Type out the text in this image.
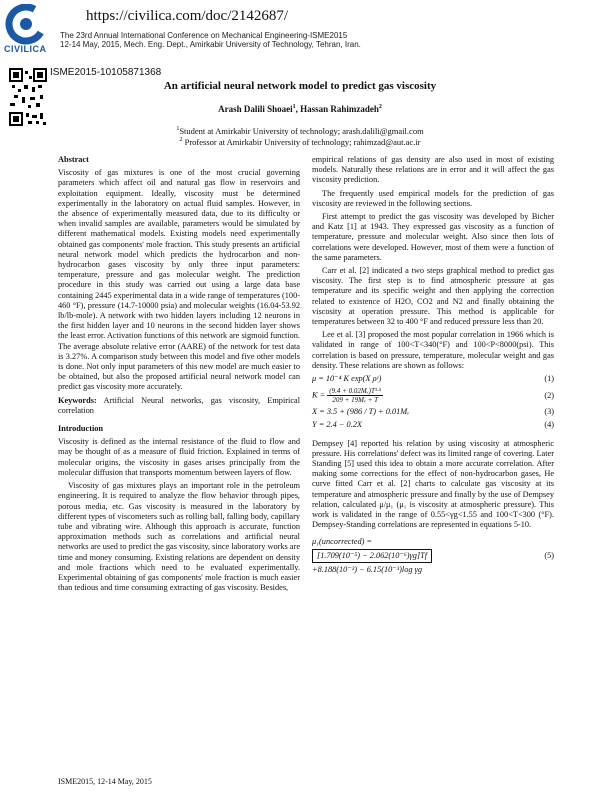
CIVILICA
https://civilica.com/doc/2142687/
The 23rd Annual International Conference on Mechanical Engineering-ISME2015
12-14 May, 2015, Mech. Eng. Dept., Amirkabir University of Technology, Tehran, Iran.
ISME2015-10105871368
An artificial neural network model to predict gas viscosity
Arash Dalili Shoaei$^1$, Hassan Rahimzadeh$^2$
$^1$Student at Amirkabir University of technology; arash.dalili@gmail.com
$^2$ Professor at Amirkabir University of technology; rahimzad@aut.ac.ir

Abstract

Viscosity of gas mixtures is one of the most crucial governing parameters which affect oil and natural gas flow in reservoirs and exploitation equipment. Ideally, viscosity must be determined experimentally in the laboratory on actual fluid samples. However, in the absence of experimentally measured data, due to its difficulty or when invalid samples are available, parameters would be simulated by different mathematical models. Existing models need experimentally obtained gas components' mole fraction. This study presents an artificial neural network model which predicts the hydrocarbon and non-hydrocarbon gases viscosity by only three input parameters: temperature, pressure and gas molecular weight. The prediction procedure in this study was carried out using a large data base containing 2445 experimental data in a wide range of temperatures (100-460 °F), pressure (14.7-10000 psia) and molecular weights (16.04-53.92 lb/lb-mole). A network with two hidden layers including 12 neurons in the first hidden layer and 10 neurons in the second hidden layer shows the least error. Activation functions of this network are sigmoid function. The average absolute relative error (AARE) of the network for test data is 3.27%. A comparison study between this model and five other models is done. Not only input parameters of this new model are much easier to be obtained, but also the proposed artificial neural network model can predict gas viscosity more accurately.

Keywords: Artificial Neural networks, gas viscosity, Empirical correlation

Introduction

Viscosity is defined as the internal resistance of the fluid to flow and may be thought of as a measure of fluid friction. Explained in terms of molecular origins, the viscosity in gases arises principally from the molecular diffusion that transports momentum between layers of flow.

Viscosity of gas mixtures plays an important role in the petroleum engineering. It is required to analyze the flow behavior through pipes, porous media, etc. Gas viscosity is measured in the laboratory by different types of viscometers such as rolling ball, falling body, capillary tube and vibrating wire. Although this approach is accurate, function approximation methods such as correlations and artificial neural networks are used to predict the gas viscosity, since laboratory works are time and money consuming. Existing relations are dependent on density and mole fractions which need to be evaluated experimentally. Experimental obtaining of gas components' mole fraction is much easier than tedious and time consuming extracting of gas viscosity. Besides,

empirical relations of gas density are also used in most of existing models. Naturally these relations are in error and it will affect the gas viscosity prediction.

The frequently used empirical models for the prediction of gas viscosity are reviewed in the following sections.

First attempt to predict the gas viscosity was developed by Bicher and Katz [1] at 1943. They expressed gas viscosity as a function of temperature, pressure and molecular weight. Also since then lots of correlations were developed. However, most of them were a function of the same parameters.

Carr et al. [2] indicated a two steps graphical method to predict gas viscosity. The first step is to find atmospheric pressure at gas temperature and its specific weight and then applying the correction related to existence of H2O, CO2 and N2 and finally obtaining the viscosity at operation pressure. This method is applicable for temperatures between 32 to 400 °F and reduced pressure less than 20.

Lee et al. [3] proposed the most popular correlation in 1966 which is validated in range of 100<T<340(°F) and 100<P<8000(psi). This correlation is based on pressure, temperature, molecular weight and gas density. These relations are shown as follows:

μ = 10⁻⁴ K exp(X ρʸ)	(1)
$K = \frac{\text{(9.4 + 0.02Mᵥ)T¹·⁵}}{\text{209 + 19Mᵥ + T}}$	(2)
X = 3.5 + (986 / T) + 0.01Mᵥ	(3)
Y = 2.4 − 0.2X	(4)

Dempsey [4] reported his relation by using viscosity at atmospheric pressure. His correlations' defect was its limited range of covering. Later Standing [5] used this idea to obtain a more accurate correlation. After making some corrections for the effect of non-hydrocarbon gases, He curve fitted Carr et al. [2] charts to calculate gas viscosity at its temperature and atmospheric pressure and finally by the use of Dempsey relation, calculated μ/μ₁ (μ₁ is viscosity at atmospheric pressure). This work is validated in the range of 0.55<γg<1.55 and 100<T<300 (°F). Dempsey-Standing correlations are represented in equations 5-10.

μ₁(uncorrected) =
[1.709(10⁻⁵) − 2.062(10⁻⁶)γg]Tf	(5)
+8.188(10⁻³) − 6.15(10⁻³)log γg
ISME2015, 12-14 May, 2015
